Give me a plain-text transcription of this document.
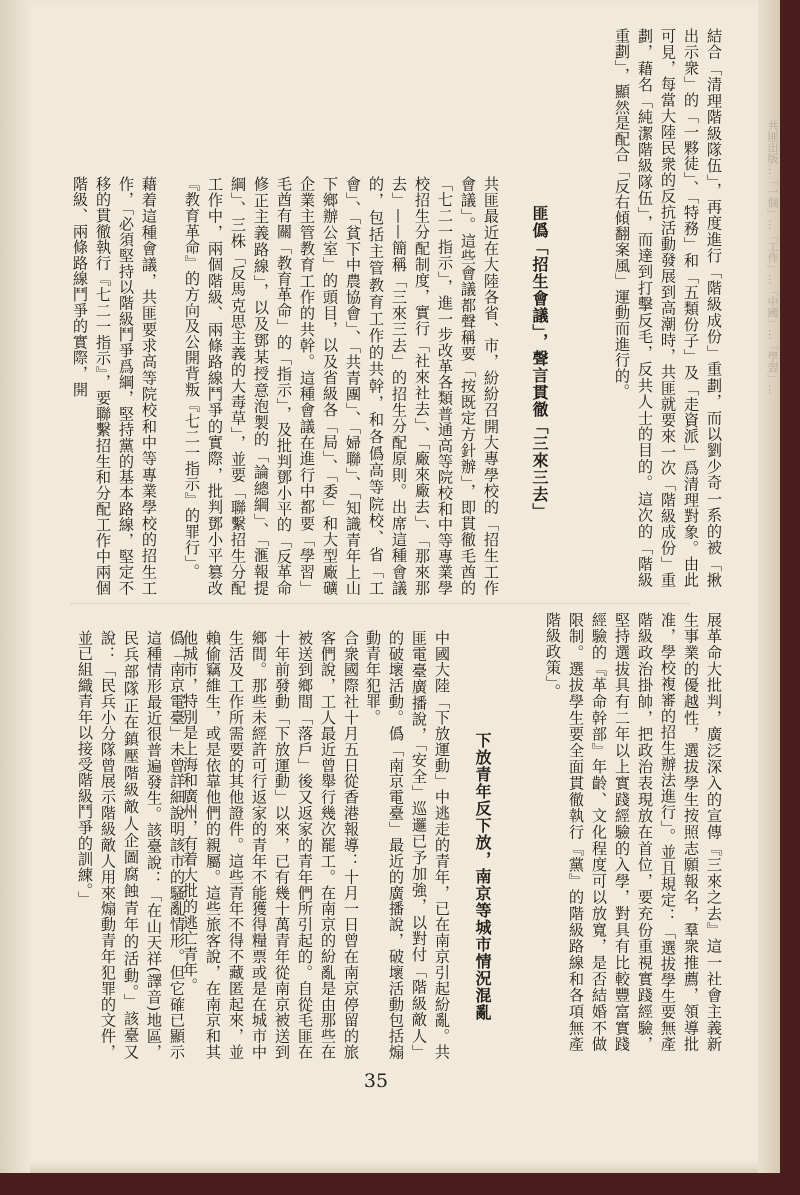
共匪出版…「一個」…「工作」…「中國」…「學習」…
結合「清理階級隊伍」，再度進行「階級成份」重劃，而以劉少奇一系的被「揪出示衆」的「一夥徒」、「特務」和「五類份子」及「走資派」爲清理對象。由此可見，每當大陸民衆的反抗活動發展到高潮時，共匪就要來一次「階級成份」重劃，藉名「純潔階級隊伍」，而達到打擊反毛，反共人士的目的。這次的「階級重劃」，顯然是配合「反右傾翻案風」運動而進行的。
匪僞「招生會議」，聲言貫徹「三來三去」
共匪最近在大陸各省、市，紛紛召開大專學校的「招生工作會議」。這些會議都聲稱要「按既定方針辦」，即貫徹毛酋的「七二一指示」，進一步改革各類普通高等院校和中等專業學校招生分配制度，實行「社來社去」、「廠來廠去」、「那來那去」——簡稱「三來三去」的招生分配原則。出席這種會議的，包括主管教育工作的共幹，和各僞高等院校、省「工會」、「貧下中農協會」、「共青團」、「婦聯」、「知識青年上山下鄉辦公室」的頭目，以及省級各「局」、「委」和大型廠礦企業主管教育工作的共幹。這種會議在進行中都要「學習」毛酋有關「教育革命」的「指示」，及批判鄧小平的「反革命修正主義路線」，以及鄧某授意泡製的「論總綱」、「滙報提綱」、三株「反馬克思主義的大毒草」，並要「聯繫招生分配工作中，兩個階級、兩條路線鬥爭的實際，批判鄧小平篡改『教育革命』的方向及公開背叛『七二一指示』的罪行」。
藉着這種會議，共匪要求高等院校和中等專業學校的招生工作，「必須堅持以階級鬥爭爲綱，堅持黨的基本路線，堅定不移的貫徹執行『七二一指示』，要聯繫招生和分配工作中兩個階級、兩條路線鬥爭的實際，開
展革命大批判，廣泛深入的宣傳『三來之去』這一社會主義新生事業的優越性，選拔學生按照志願報名，羣衆推薦，領導批准，學校複審的招生辦法進行」。並且規定：「選拔學生要無產階級政治掛帥，把政治表現放在首位，要充份重視實踐經驗，堅持選拔具有二年以上實踐經驗的入學，對具有比較豐富實踐經驗的『革命幹部』年齡、文化程度可以放寬，是否結婚不做限制。選拔學生要全面貫徹執行『黨』的階級路線和各項無產階級政策」。
下放青年反下放，南京等城市情況混亂
中國大陸「下放運動」中逃走的青年，已在南京引起紛亂。共匪電臺廣播說，「安全」巡邏已予加強，以對付「階級敵人」的破壞活動。僞「南京電臺」最近的廣播說，破壞活動包括煽動青年犯罪。
合衆國際社十月五日從香港報導：十月一日曾在南京停留的旅客們說，工人最近曾舉行幾次罷工。在南京的紛亂是由那些在被送到鄉間「落戶」後又返家的青年們所引起的。自從毛匪在十年前發動「下放運動」以來，已有幾十萬青年從南京被送到鄉間。那些未經許可行返家的青年不能獲得糧票或是在城市中生活及工作所需要的其他證件。這些青年不得不藏匿起來，並賴偷竊維生，或是依靠他們的親屬。這些旅客說，在南京和其他城市，特別是上海和廣州，有着大批的逃亡青年。
僞「南京電臺」未曾詳細說明該市的騷亂情形。但它確已顯示這種情形最近很普遍發生。該臺說：「在山天祥(譯音)地區，民兵部隊正在鎮壓階級敵人企圖腐蝕青年的活動。」該臺又說：「民兵小分隊曾展示階級敵人用來煽動青年犯罪的文件，並已組織青年以接受階級鬥爭的訓練。」
35
